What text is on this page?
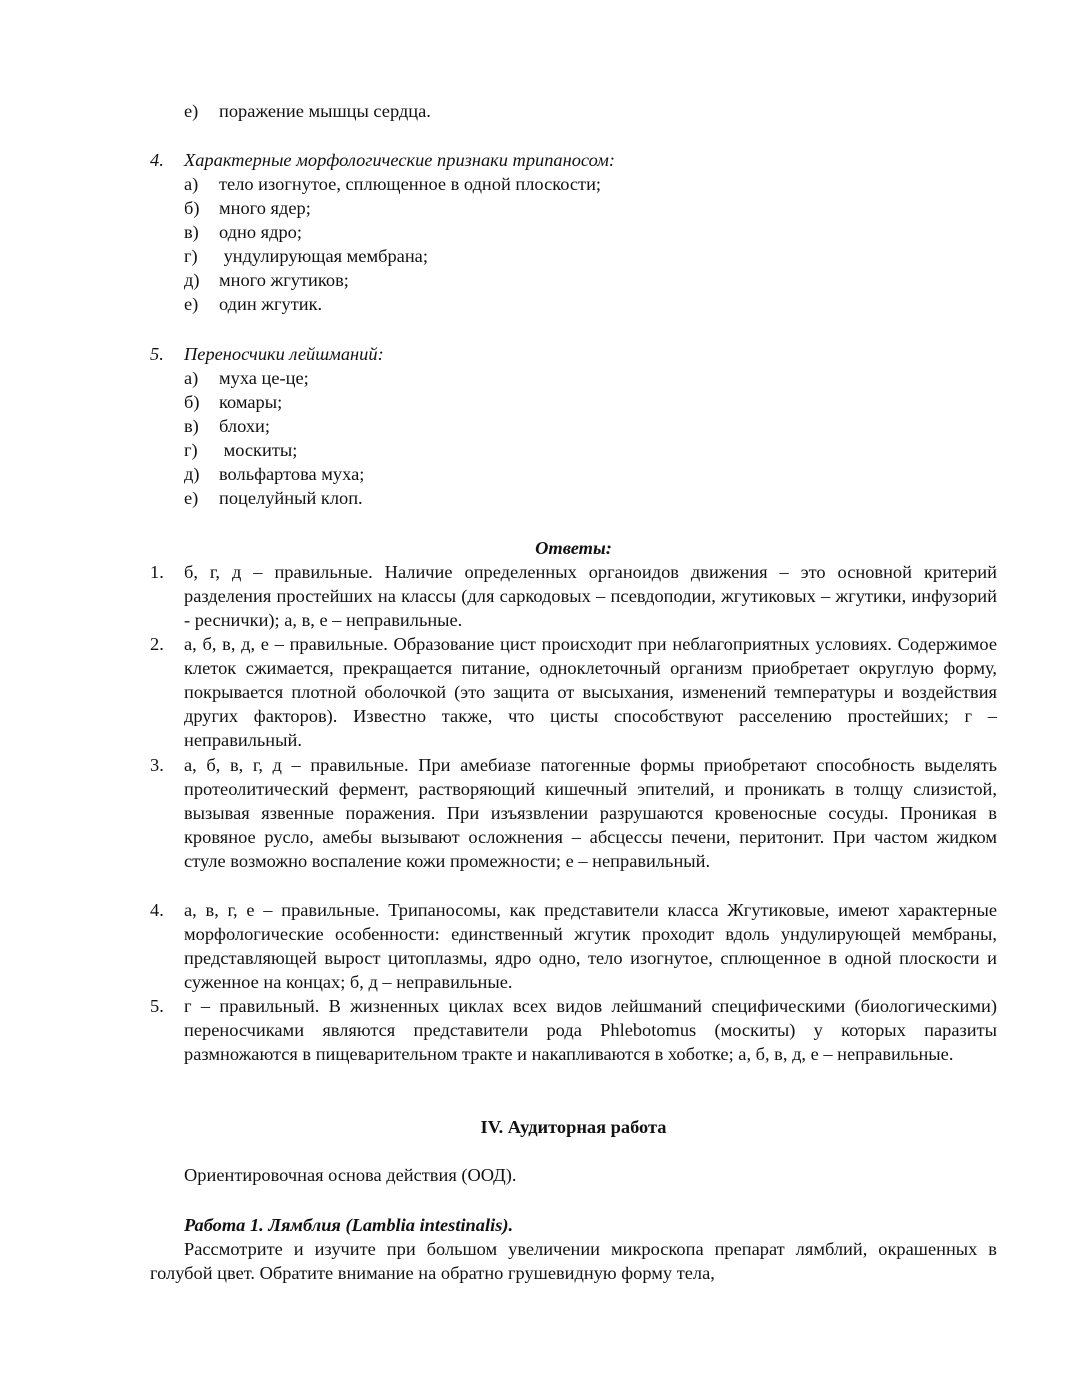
е) поражение мышцы сердца.
4. Характерные морфологические признаки трипаносом:
а) тело изогнутое, сплющенное в одной плоскости;
б) много ядер;
в) одно ядро;
г) ундулирующая мембрана;
д) много жгутиков;
е) один жгутик.
5. Переносчики лейшманий:
а) муха це-це;
б) комары;
в) блохи;
г) москиты;
д) вольфартова муха;
е) поцелуйный клоп.
Ответы:
1. б, г, д – правильные. Наличие определенных органоидов движения – это основной критерий разделения простейших на классы (для саркодовых – псевдоподии, жгутиковых – жгутики, инфузорий - реснички); а, в, е – неправильные.
2. а, б, в, д, е – правильные. Образование цист происходит при неблагоприятных условиях. Содержимое клеток сжимается, прекращается питание, одноклеточный организм приобретает округлую форму, покрывается плотной оболочкой (это защита от высыхания, изменений температуры и воздействия других факторов). Известно также, что цисты способствуют расселению простейших; г – неправильный.
3. а, б, в, г, д – правильные. При амебиазе патогенные формы приобретают способность выделять протеолитический фермент, растворяющий кишечный эпителий, и проникать в толщу слизистой, вызывая язвенные поражения. При изъязвлении разрушаются кровеносные сосуды. Проникая в кровяное русло, амебы вызывают осложнения – абсцессы печени, перитонит. При частом жидком стуле возможно воспаление кожи промежности; е – неправильный.
4. а, в, г, е – правильные. Трипаносомы, как представители класса Жгутиковые, имеют характерные морфологические особенности: единственный жгутик проходит вдоль ундулирующей мембраны, представляющей вырост цитоплазмы, ядро одно, тело изогнутое, сплющенное в одной плоскости и суженное на концах; б, д – неправильные.
5. г – правильный. В жизненных циклах всех видов лейшманий специфическими (биологическими) переносчиками являются представители рода Phlebotomus (москиты) у которых паразиты размножаются в пищеварительном тракте и накапливаются в хоботке; а, б, в, д, е – неправильные.
IV. Аудиторная работа
Ориентировочная основа действия (ООД).
Работа 1. Лямблия (Lamblia intestinalis).
Рассмотрите и изучите при большом увеличении микроскопа препарат лямблий, окрашенных в голубой цвет. Обратите внимание на обратно грушевидную форму тела,
